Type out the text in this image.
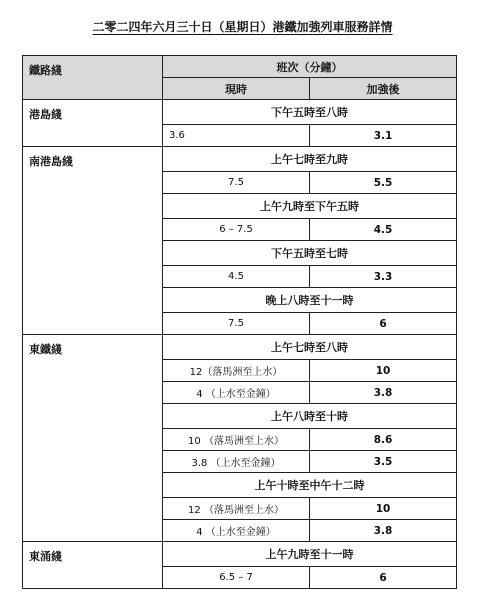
二零二四年六月三十日（星期日）港鐵加強列車服務詳情
鐵路綫	班次（分鐘）	
	現時	加強後
港島綫	下午五時至八時	
	3.6	3.1
南港島綫	上午七時至九時	
	7.5	5.5
	上午九時至下午五時	
	6 – 7.5	4.5
	下午五時至七時	
	4.5	3.3
	晚上八時至十一時	
	7.5	6
東鐵綫	上午七時至八時	
	12（落馬洲至上水）	10
	4 （上水至金鐘）	3.8
	上午八時至十時	
	10 （落馬洲至上水）	8.6
	3.8 （上水至金鐘）	3.5
	上午十時至中午十二時	
	12 （落馬洲至上水）	10
	4 （上水至金鐘）	3.8
東涌綫	上午九時至十一時	
	6.5 – 7	6
